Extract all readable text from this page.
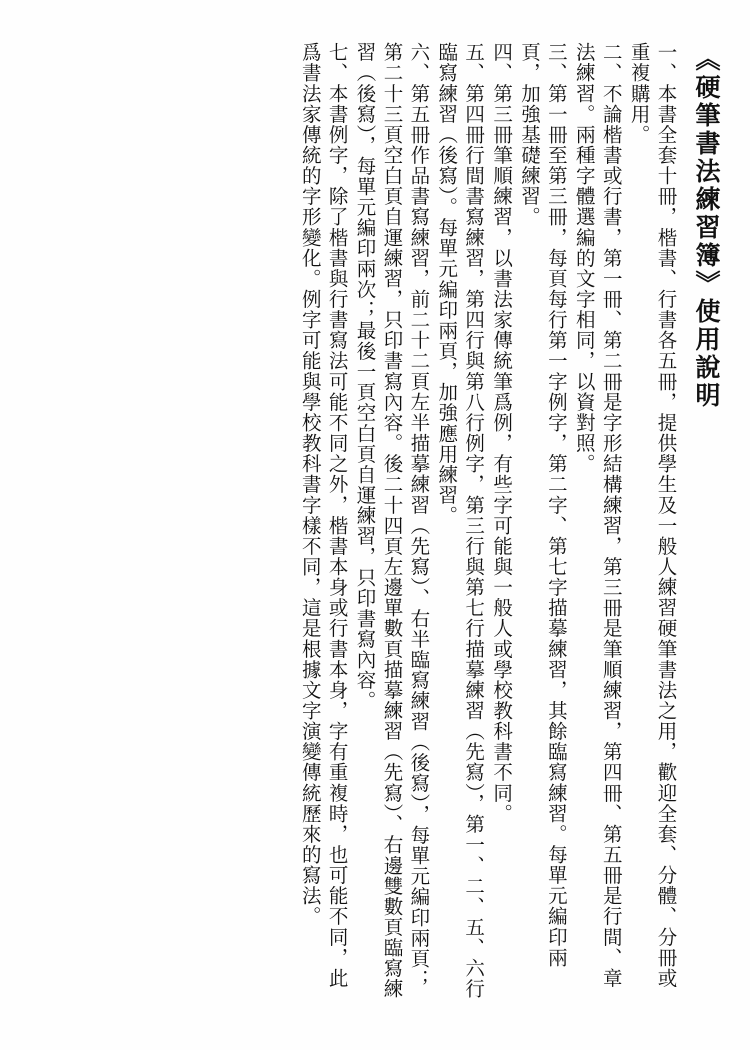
《硬筆書法練習簿》使用說明
一、本書全套十冊，楷書、行書各五冊，提供學生及一般人練習硬筆書法之用，歡迎全套、分體、分冊或重複購用。
二、不論楷書或行書，第一冊、第二冊是字形結構練習，第三冊是筆順練習，第四冊、第五冊是行間、章法練習。兩種字體選編的文字相同，以資對照。
三、第一冊至第三冊，每頁每行第一字例字，第二字、第七字描摹練習，其餘臨寫練習。每單元編印兩頁，加強基礎練習。
四、第三冊筆順練習，以書法家傳統筆爲例，有些字可能與一般人或學校教科書不同。
五、第四冊行間書寫練習，第四行與第八行例字，第三行與第七行描摹練習（先寫），第一、二、五、六行臨寫練習（後寫）。每單元編印兩頁，加強應用練習。
六、第五冊作品書寫練習，前二十二頁左半描摹練習（先寫）、右半臨寫練習（後寫），每單元編印兩頁；第二十三頁空白頁自運練習，只印書寫內容。後二十四頁左邊單數頁描摹練習（先寫）、右邊雙數頁臨寫練習（後寫），每單元編印兩次；最後一頁空白頁自運練習，只印書寫內容。
七、本書例字，除了楷書與行書寫法可能不同之外，楷書本身或行書本身，字有重複時，也可能不同，此爲書法家傳統的字形變化。例字可能與學校教科書字樣不同，這是根據文字演變傳統歷來的寫法。
